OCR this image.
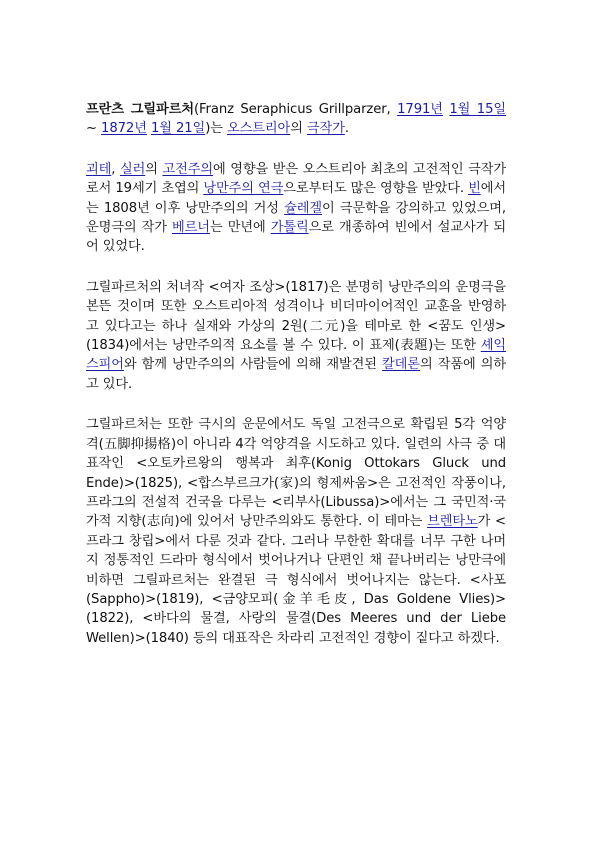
프란츠 그릴파르처(Franz Seraphicus Grillparzer, 1791년 1월 15일 ~ 1872년 1월 21일)는 오스트리아의 극작가.

괴테, 실러의 고전주의에 영향을 받은 오스트리아 최초의 고전적인 극작가로서 19세기 초엽의 낭만주의 연극으로부터도 많은 영향을 받았다. 빈에서는 1808년 이후 낭만주의의 거성 슐레겔이 극문학을 강의하고 있었으며, 운명극의 작가 베르너는 만년에 가톨릭으로 개종하여 빈에서 설교사가 되어 있었다.

그릴파르처의 처녀작 <여자 조상>(1817)은 분명히 낭만주의의 운명극을 본뜬 것이며 또한 오스트리아적 성격이나 비더마이어적인 교훈을 반영하고 있다고는 하나 실재와 가상의 2원(二元)을 테마로 한 <꿈도 인생>(1834)에서는 낭만주의적 요소를 볼 수 있다. 이 표제(表題)는 또한 셰익스피어와 함께 낭만주의의 사람들에 의해 재발견된 칼데론의 작품에 의하고 있다.

그릴파르처는 또한 극시의 운문에서도 독일 고전극으로 확립된 5각 억양격(五脚抑揚格)이 아니라 4각 억양격을 시도하고 있다. 일련의 사극 중 대표작인 <오토카르왕의 행복과 최후(Konig Ottokars Gluck und Ende)>(1825), <합스부르크가(家)의 형제싸움>은 고전적인 작풍이나, 프라그의 전설적 건국을 다루는 <리부사(Libussa)>에서는 그 국민적·국가적 지향(志向)에 있어서 낭만주의와도 통한다. 이 테마는 브렌타노가 <프라그 창립>에서 다룬 것과 같다. 그러나 무한한 확대를 너무 구한 나머지 정통적인 드라마 형식에서 벗어나거나 단편인 채 끝나버리는 낭만극에 비하면 그릴파르처는 완결된 극 형식에서 벗어나지는 않는다. <사포(Sappho)>(1819), <금양모피(金羊毛皮, Das Goldene Vlies)>(1822), <바다의 물결, 사랑의 물결(Des Meeres und der Liebe Wellen)>(1840) 등의 대표작은 차라리 고전적인 경향이 짙다고 하겠다.
